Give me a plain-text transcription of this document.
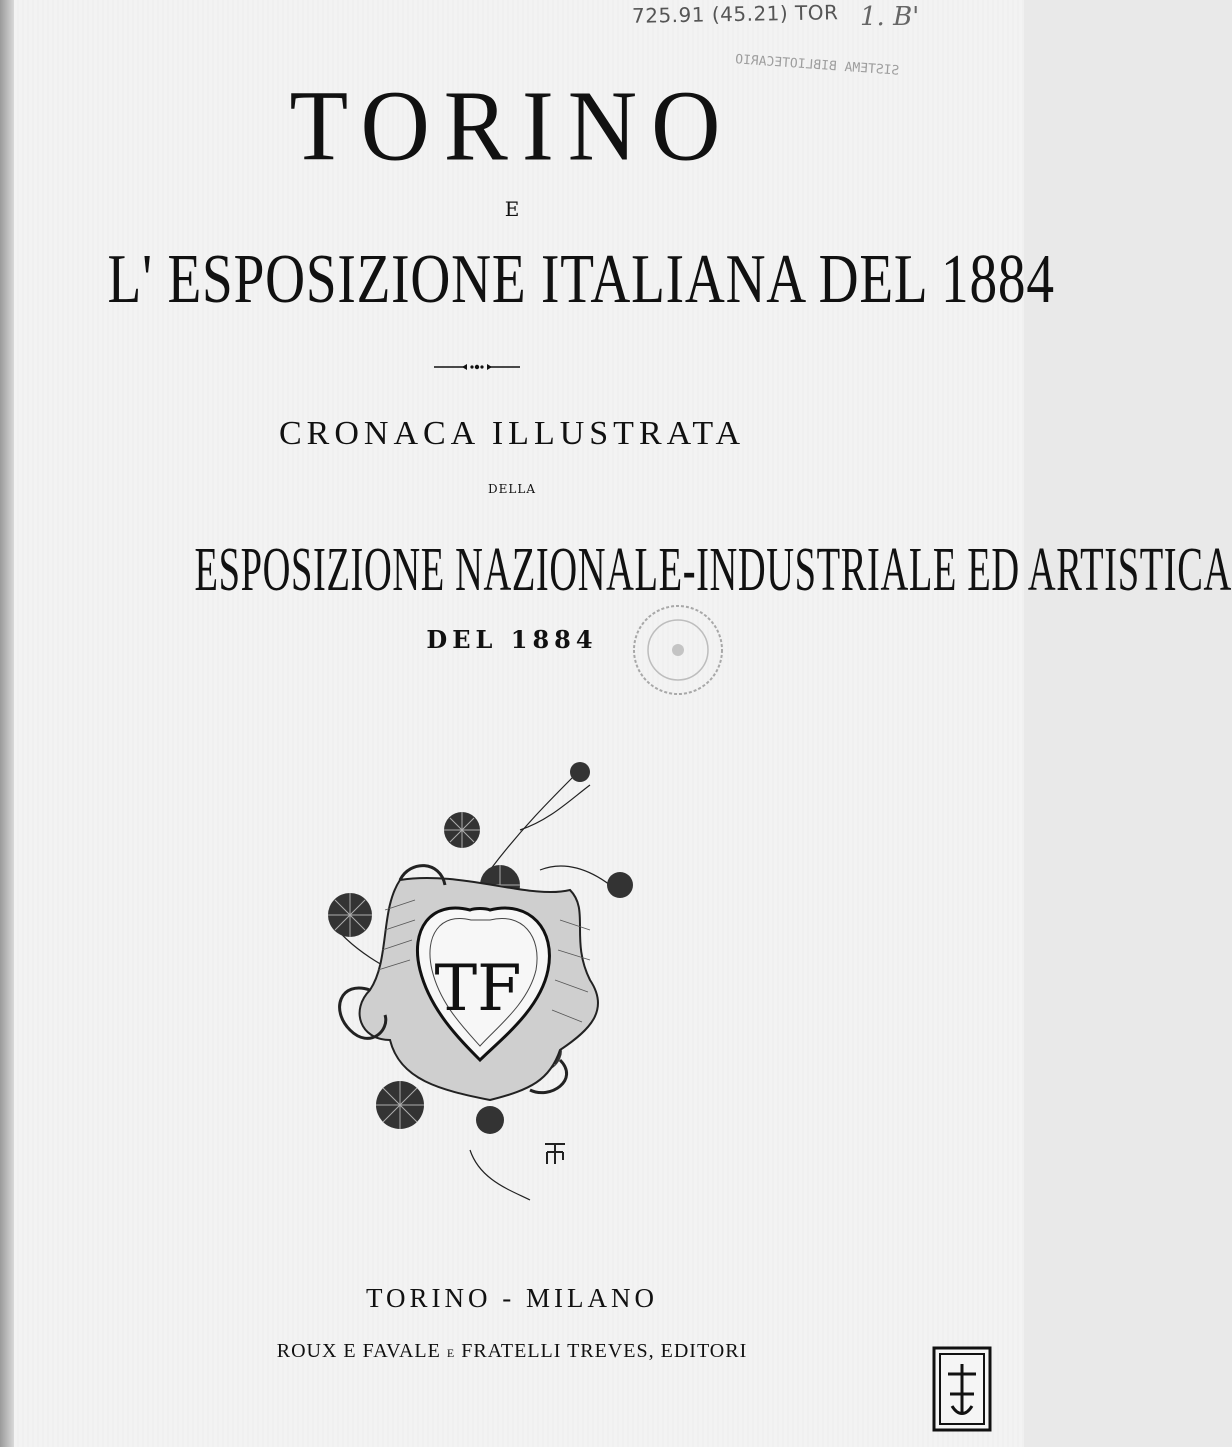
725.91 (45.21) TOR 1. B'
SISTEMA BIBLIOTECARIO
TORINO
E
L' ESPOSIZIONE ITALIANA DEL 1884
CRONACA ILLUSTRATA
DELLA
ESPOSIZIONE NAZIONALE-INDUSTRIALE ED ARTISTICA
DEL 1884
TF
TORINO - MILANO
ROUX E FAVALE E FRATELLI TREVES, EDITORI
